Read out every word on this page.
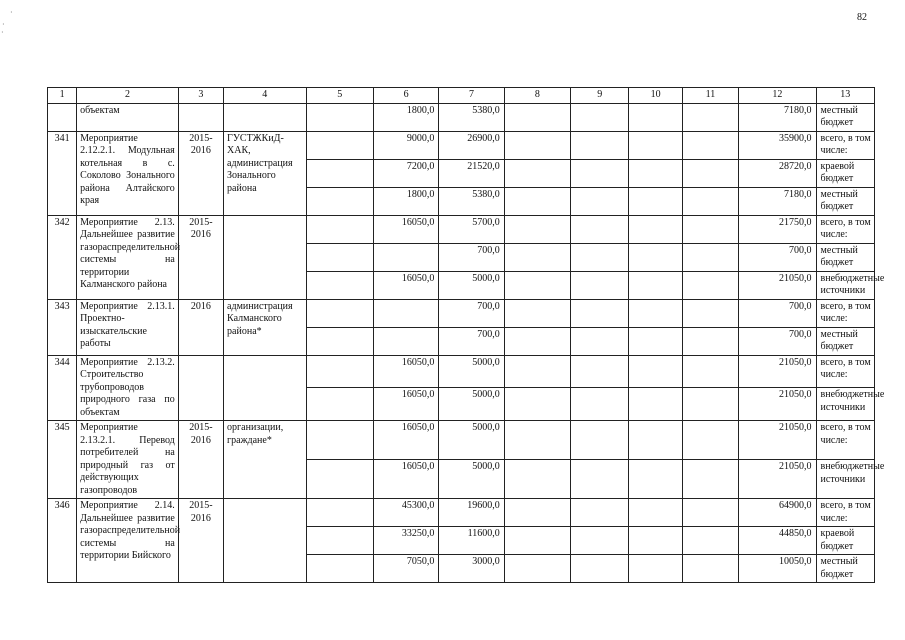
82
·
·
·
1	2	3	4	5	6	7	8	9	10	11	12	13
	объектам				1800,0	5380,0					7180,0	местный бюджет
341	Мероприятие 2.12.2.1. Модульная котельная в с. Соколово Зонального района Алтайского края	2015-2016	ГУСТЖКиД-ХАК, администрация Зонального района		9000,0	26900,0					35900,0	всего, в том числе:
					7200,0	21520,0					28720,0	краевой бюджет
					1800,0	5380,0					7180,0	местный бюджет
342	Мероприятие 2.13. Дальнейшее развитие газораспределительной системы на территории Калманского района	2015-2016			16050,0	5700,0					21750,0	всего, в том числе:
						700,0					700,0	местный бюджет
					16050,0	5000,0					21050,0	внебюджетные источники
343	Мероприятие 2.13.1. Проектно-изыскательские работы	2016	администрация Калманского района*			700,0					700,0	всего, в том числе:
						700,0					700,0	местный бюджет
344	Мероприятие 2.13.2. Строительство трубопроводов природного газа по объектам				16050,0	5000,0					21050,0	всего, в том числе:
					16050,0	5000,0					21050,0	внебюджетные источники
345	Мероприятие 2.13.2.1. Перевод потребителей на природный газ от действующих газопроводов	2015-2016	организации, граждане*		16050,0	5000,0					21050,0	всего, в том числе:
					16050,0	5000,0					21050,0	внебюджетные источники
346	Мероприятие 2.14. Дальнейшее развитие газораспределительной системы на территории Бийского	2015-2016			45300,0	19600,0					64900,0	всего, в том числе:
					33250,0	11600,0					44850,0	краевой бюджет
					7050,0	3000,0					10050,0	местный бюджет
